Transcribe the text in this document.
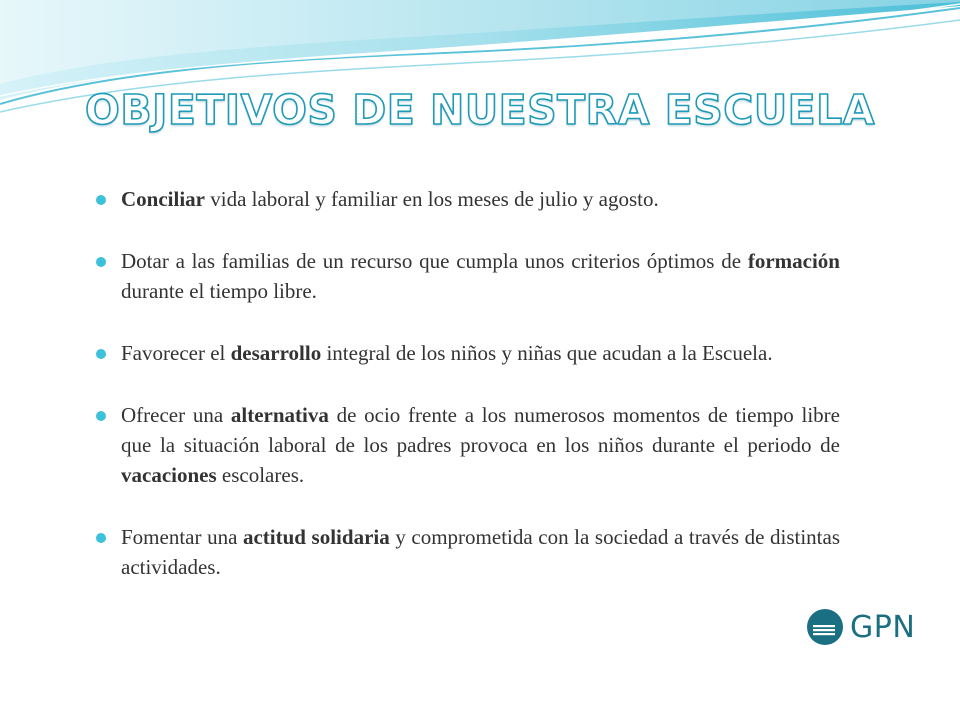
OBJETIVOS DE NUESTRA ESCUELA
Conciliar vida laboral y familiar en los meses de julio y agosto.
Dotar a las familias de un recurso que cumpla unos criterios óptimos de formación durante el tiempo libre.
Favorecer el desarrollo integral de los niños y niñas que acudan a la Escuela.
Ofrecer una alternativa de ocio frente a los numerosos momentos de tiempo libre que la situación laboral de los padres provoca en los niños durante el periodo de vacaciones escolares.
Fomentar una actitud solidaria y comprometida con la sociedad a través de distintas actividades.
GPN
